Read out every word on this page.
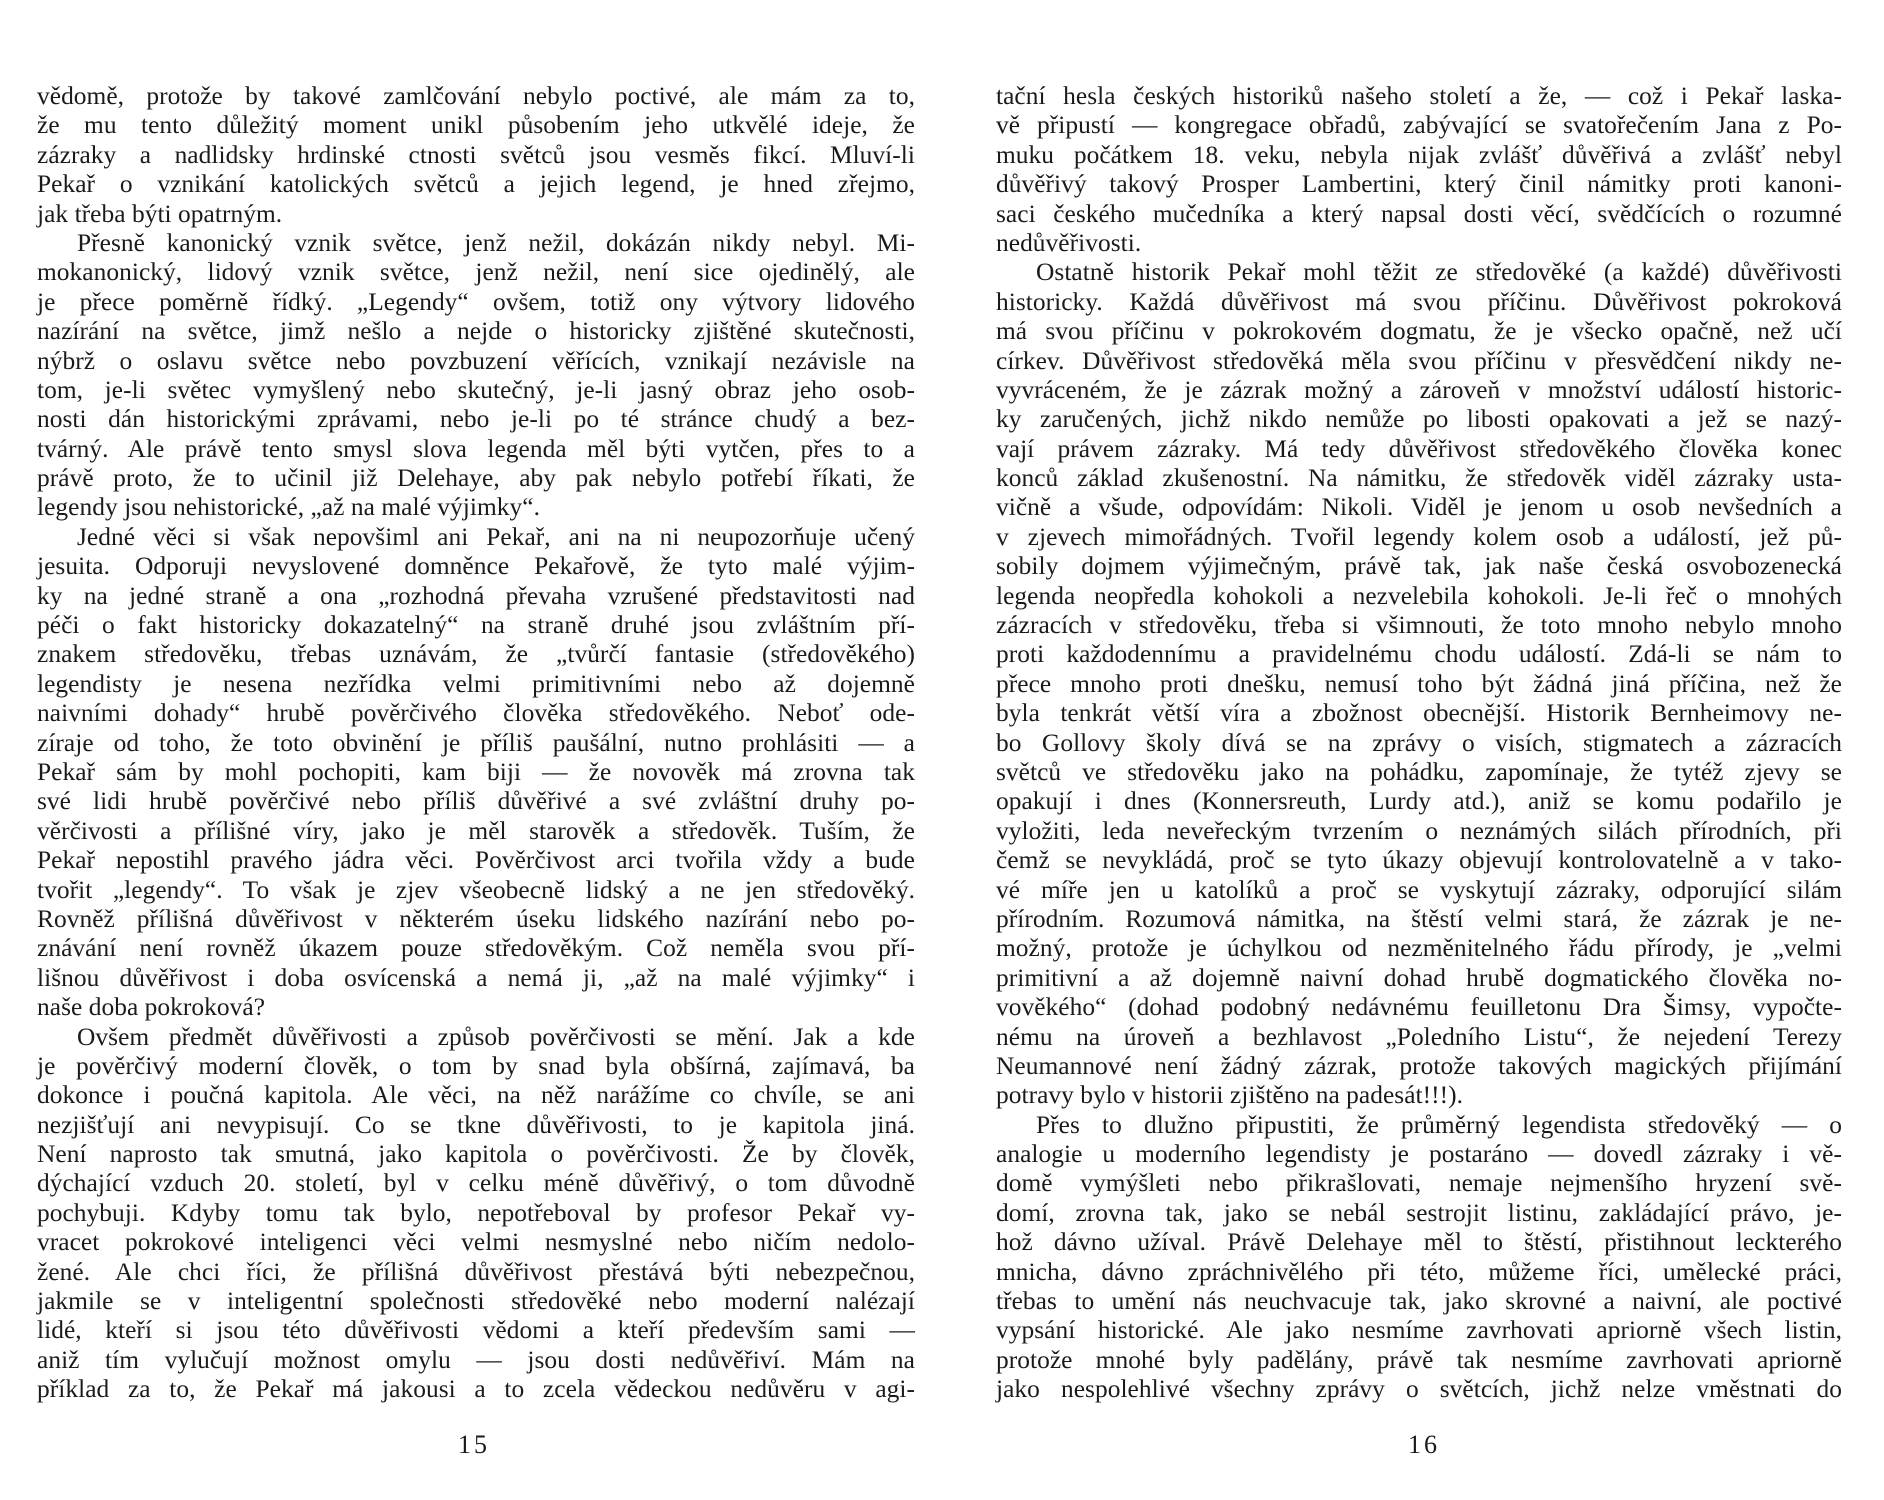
vědomě, protože by takové zamlčování nebylo poctivé, ale mám za to,
že mu tento důležitý moment unikl působením jeho utkvělé ideje, že
zázraky a nadlidsky hrdinské ctnosti světců jsou vesměs fikcí. Mluví-li
Pekař o vznikání katolických světců a jejich legend, je hned zřejmo,
jak třeba býti opatrným.
Přesně kanonický vznik světce, jenž nežil, dokázán nikdy nebyl. Mi-
mokanonický, lidový vznik světce, jenž nežil, není sice ojedinělý, ale
je přece poměrně řídký. „Legendy“ ovšem, totiž ony výtvory lidového
nazírání na světce, jimž nešlo a nejde o historicky zjištěné skutečnosti,
nýbrž o oslavu světce nebo povzbuzení věřících, vznikají nezávisle na
tom, je-li světec vymyšlený nebo skutečný, je-li jasný obraz jeho osob-
nosti dán historickými zprávami, nebo je-li po té stránce chudý a bez-
tvárný. Ale právě tento smysl slova legenda měl býti vytčen, přes to a
právě proto, že to učinil již Delehaye, aby pak nebylo potřebí říkati, že
legendy jsou nehistorické, „až na malé výjimky“.
Jedné věci si však nepovšiml ani Pekař, ani na ni neupozorňuje učený
jesuita. Odporuji nevyslovené domněnce Pekařově, že tyto malé výjim-
ky na jedné straně a ona „rozhodná převaha vzrušené představitosti nad
péči o fakt historicky dokazatelný“ na straně druhé jsou zvláštním pří-
znakem středověku, třebas uznávám, že „tvůrčí fantasie (středověkého)
legendisty je nesena nezřídka velmi primitivními nebo až dojemně
naivními dohady“ hrubě pověrčivého člověka středověkého. Neboť ode-
zíraje od toho, že toto obvinění je příliš paušální, nutno prohlásiti — a
Pekař sám by mohl pochopiti, kam biji — že novověk má zrovna tak
své lidi hrubě pověrčivé nebo příliš důvěřivé a své zvláštní druhy po-
věrčivosti a přílišné víry, jako je měl starověk a středověk. Tuším, že
Pekař nepostihl pravého jádra věci. Pověrčivost arci tvořila vždy a bude
tvořit „legendy“. To však je zjev všeobecně lidský a ne jen středověký.
Rovněž přílišná důvěřivost v některém úseku lidského nazírání nebo po-
znávání není rovněž úkazem pouze středověkým. Což neměla svou pří-
lišnou důvěřivost i doba osvícenská a nemá ji, „až na malé výjimky“ i
naše doba pokroková?
Ovšem předmět důvěřivosti a způsob pověrčivosti se mění. Jak a kde
je pověrčivý moderní člověk, o tom by snad byla obšírná, zajímavá, ba
dokonce i poučná kapitola. Ale věci, na něž narážíme co chvíle, se ani
nezjišťují ani nevypisují. Co se tkne důvěřivosti, to je kapitola jiná.
Není naprosto tak smutná, jako kapitola o pověrčivosti. Že by člověk,
dýchající vzduch 20. století, byl v celku méně důvěřivý, o tom důvodně
pochybuji. Kdyby tomu tak bylo, nepotřeboval by profesor Pekař vy-
vracet pokrokové inteligenci věci velmi nesmyslné nebo ničím nedolo-
žené. Ale chci říci, že přílišná důvěřivost přestává býti nebezpečnou,
jakmile se v inteligentní společnosti středověké nebo moderní nalézají
lidé, kteří si jsou této důvěřivosti vědomi a kteří především sami —
aniž tím vylučují možnost omylu — jsou dosti nedůvěřiví. Mám na
příklad za to, že Pekař má jakousi a to zcela vědeckou nedůvěru v agi-
15
tační hesla českých historiků našeho století a že, — což i Pekař laska-
vě připustí — kongregace obřadů, zabývající se svatořečením Jana z Po-
muku počátkem 18. veku, nebyla nijak zvlášť důvěřivá a zvlášť nebyl
důvěřivý takový Prosper Lambertini, který činil námitky proti kanoni-
saci českého mučedníka a který napsal dosti věcí, svědčících o rozumné
nedůvěřivosti.
Ostatně historik Pekař mohl těžit ze středověké (a každé) důvěřivosti
historicky. Každá důvěřivost má svou příčinu. Důvěřivost pokroková
má svou příčinu v pokrokovém dogmatu, že je všecko opačně, než učí
církev. Důvěřivost středověká měla svou příčinu v přesvědčení nikdy ne-
vyvráceném, že je zázrak možný a zároveň v množství událostí historic-
ky zaručených, jichž nikdo nemůže po libosti opakovati a jež se nazý-
vají právem zázraky. Má tedy důvěřivost středověkého člověka konec
konců základ zkušenostní. Na námitku, že středověk viděl zázraky usta-
vičně a všude, odpovídám: Nikoli. Viděl je jenom u osob nevšedních a
v zjevech mimořádných. Tvořil legendy kolem osob a událostí, jež pů-
sobily dojmem výjimečným, právě tak, jak naše česká osvobozenecká
legenda neopředla kohokoli a nezvelebila kohokoli. Je-li řeč o mnohých
zázracích v středověku, třeba si všimnouti, že toto mnoho nebylo mnoho
proti každodennímu a pravidelnému chodu událostí. Zdá-li se nám to
přece mnoho proti dnešku, nemusí toho být žádná jiná příčina, než že
byla tenkrát větší víra a zbožnost obecnější. Historik Bernheimovy ne-
bo Gollovy školy dívá se na zprávy o visích, stigmatech a zázracích
světců ve středověku jako na pohádku, zapomínaje, že tytéž zjevy se
opakují i dnes (Konnersreuth, Lurdy atd.), aniž se komu podařilo je
vyložiti, leda neveřeckým tvrzením o neznámých silách přírodních, při
čemž se nevykládá, proč se tyto úkazy objevují kontrolovatelně a v tako-
vé míře jen u katolíků a proč se vyskytují zázraky, odporující silám
přírodním. Rozumová námitka, na štěstí velmi stará, že zázrak je ne-
možný, protože je úchylkou od nezměnitelného řádu přírody, je „velmi
primitivní a až dojemně naivní dohad hrubě dogmatického člověka no-
vověkého“ (dohad podobný nedávnému feuilletonu Dra Šimsy, vypočte-
nému na úroveň a bezhlavost „Poledního Listu“, že nejedení Terezy
Neumannové není žádný zázrak, protože takových magických přijímání
potravy bylo v historii zjištěno na padesát!!!).
Přes to dlužno připustiti, že průměrný legendista středověký — o
analogie u moderního legendisty je postaráno — dovedl zázraky i vě-
domě vymýšleti nebo přikrašlovati, nemaje nejmenšího hryzení svě-
domí, zrovna tak, jako se nebál sestrojit listinu, zakládající právo, je-
hož dávno užíval. Právě Delehaye měl to štěstí, přistihnout leckterého
mnicha, dávno zpráchnivělého při této, můžeme říci, umělecké práci,
třebas to umění nás neuchvacuje tak, jako skrovné a naivní, ale poctivé
vypsání historické. Ale jako nesmíme zavrhovati apriorně všech listin,
protože mnohé byly padělány, právě tak nesmíme zavrhovati apriorně
jako nespolehlivé všechny zprávy o světcích, jichž nelze vměstnati do
16
